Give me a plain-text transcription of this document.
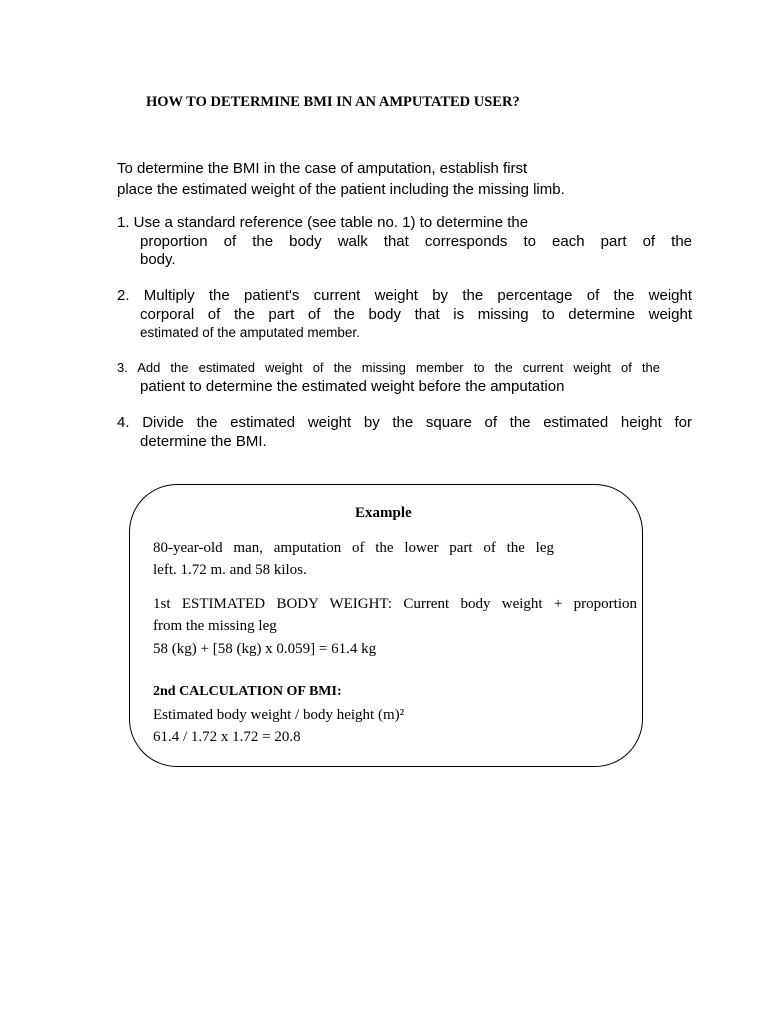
HOW TO DETERMINE BMI IN AN AMPUTATED USER?
To determine the BMI in the case of amputation, establish first
place the estimated weight of the patient including the missing limb.
1. Use a standard reference (see table no. 1) to determine the
proportion of the body walk that corresponds to each part of the
body.
2. Multiply the patient's current weight by the percentage of the weight
corporal of the part of the body that is missing to determine weight
estimated of the amputated member.
3. Add the estimated weight of the missing member to the current weight of the
patient to determine the estimated weight before the amputation
4. Divide the estimated weight by the square of the estimated height for
determine the BMI.
Example
80-year-old man, amputation of the lower part of the leg
left. 1.72 m. and 58 kilos.
1st ESTIMATED BODY WEIGHT: Current body weight + proportion
from the missing leg
58 (kg) + [58 (kg) x 0.059] = 61.4 kg
2nd CALCULATION OF BMI:
Estimated body weight / body height (m)²
61.4 / 1.72 x 1.72 = 20.8
